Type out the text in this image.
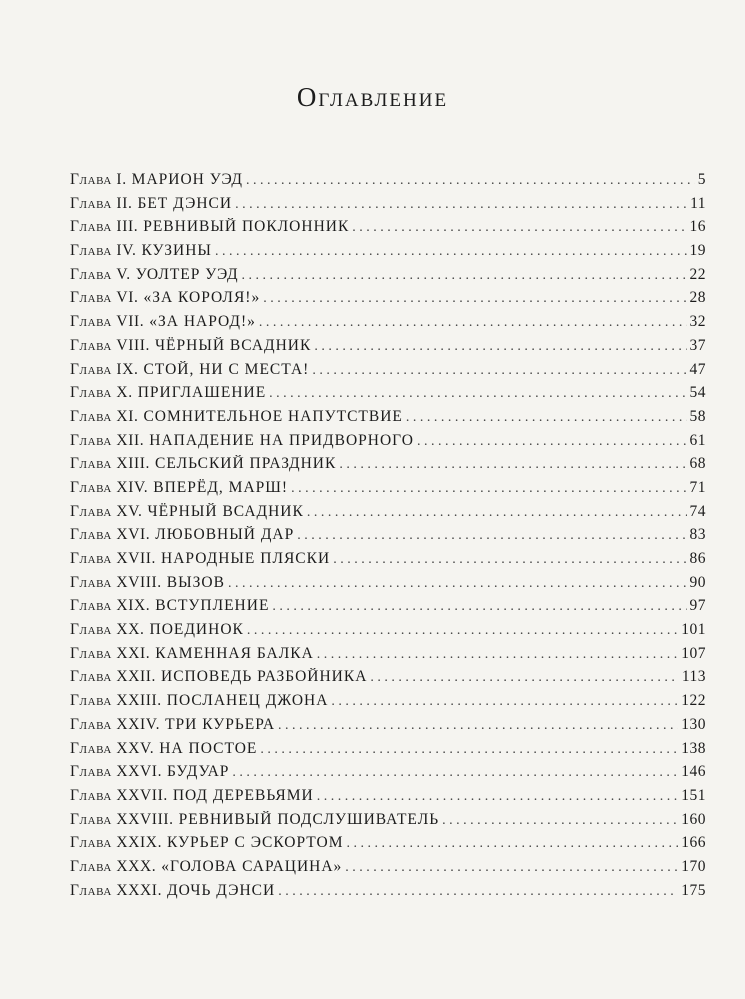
Оглавление
Глава I. МАРИОН УЭД . . .	5
Глава II. БЕТ ДЭНСИ . . .	11
Глава III. РЕВНИВЫЙ ПОКЛОННИК . . .	16
Глава IV. КУЗИНЫ . . .	19
Глава V. УОЛТЕР УЭД . . .	22
Глава VI. «ЗА КОРОЛЯ!» . . .	28
Глава VII. «ЗА НАРОД!» . . .	32
Глава VIII. ЧЁРНЫЙ ВСАДНИК . . .	37
Глава IX. СТОЙ, НИ С МЕСТА! . . .	47
Глава X. ПРИГЛАШЕНИЕ . . .	54
Глава XI. СОМНИТЕЛЬНОЕ НАПУТСТВИЕ . . .	58
Глава XII. НАПАДЕНИЕ НА ПРИДВОРНОГО . . .	61
Глава XIII. СЕЛЬСКИЙ ПРАЗДНИК . . .	68
Глава XIV. ВПЕРЁД, МАРШ! . . .	71
Глава XV. ЧЁРНЫЙ ВСАДНИК . . .	74
Глава XVI. ЛЮБОВНЫЙ ДАР . . .	83
Глава XVII. НАРОДНЫЕ ПЛЯСКИ . . .	86
Глава XVIII. ВЫЗОВ . . .	90
Глава XIX. ВСТУПЛЕНИЕ . . .	97
Глава XX. ПОЕДИНОК . . .	101
Глава XXI. КАМЕННАЯ БАЛКА . . .	107
Глава XXII. ИСПОВЕДЬ РАЗБОЙНИКА . . .	113
Глава XXIII. ПОСЛАНЕЦ ДЖОНА . . .	122
Глава XXIV. ТРИ КУРЬЕРА . . .	130
Глава XXV. НА ПОСТОЕ . . .	138
Глава XXVI. БУДУАР . . .	146
Глава XXVII. ПОД ДЕРЕВЬЯМИ . . .	151
Глава XXVIII. РЕВНИВЫЙ ПОДСЛУШИВАТЕЛЬ . . .	160
Глава XXIX. КУРЬЕР С ЭСКОРТОМ . . .	166
Глава XXX. «ГОЛОВА САРАЦИНА» . . .	170
Глава XXXI. ДОЧЬ ДЭНСИ . . .	175
